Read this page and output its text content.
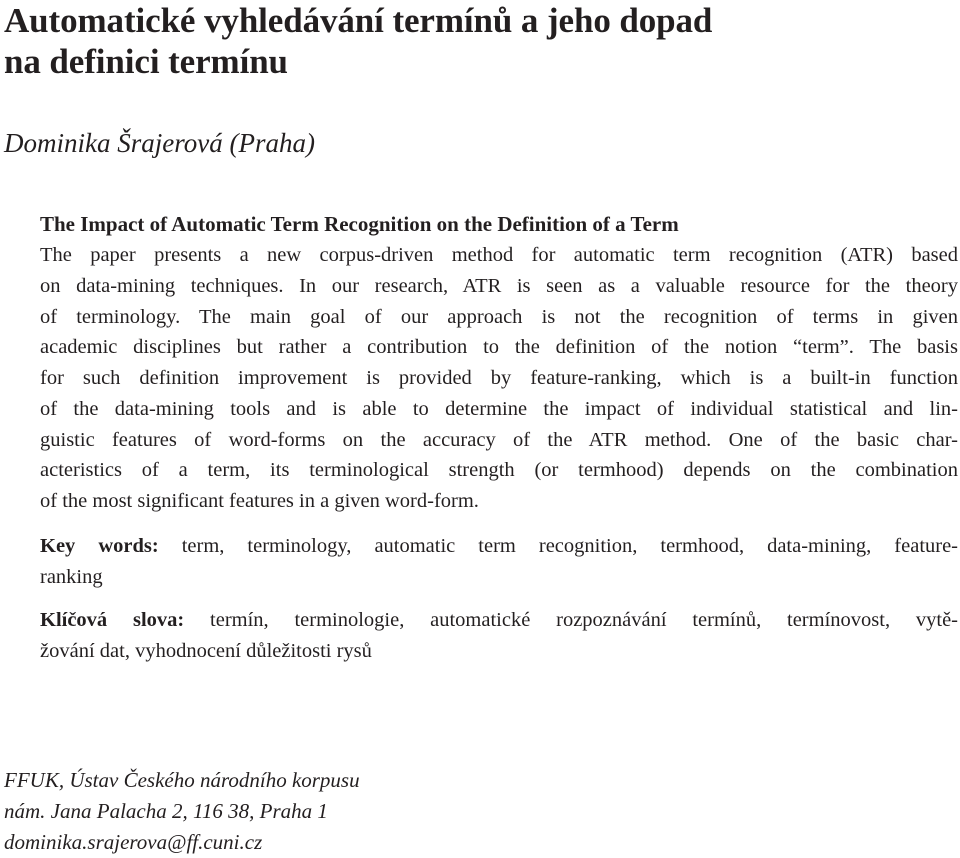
Automatické vyhledávání termínů a jeho dopad
na definici termínu

Dominika Šrajerová (Praha)

The Impact of Automatic Term Recognition on the Definition of a Term

The paper presents a new corpus-driven method for automatic term recognition (ATR) based
on data-mining techniques. In our research, ATR is seen as a valuable resource for the theory
of terminology. The main goal of our approach is not the recognition of terms in given
academic disciplines but rather a contribution to the definition of the notion “term”. The basis
for such definition improvement is provided by feature-ranking, which is a built-in function
of the data-mining tools and is able to determine the impact of individual statistical and lin-
guistic features of word-forms on the accuracy of the ATR method. One of the basic char-
acteristics of a term, its terminological strength (or termhood) depends on the combination
of the most significant features in a given word-form.

Key words: term, terminology, automatic term recognition, termhood, data-mining, feature-
ranking

Klíčová slova: termín, terminologie, automatické rozpoznávání termínů, termínovost, vytě-
žování dat, vyhodnocení důležitosti rysů

FFUK, Ústav Českého národního korpusu
nám. Jana Palacha 2, 116 38, Praha 1
dominika.srajerova@ff.cuni.cz
